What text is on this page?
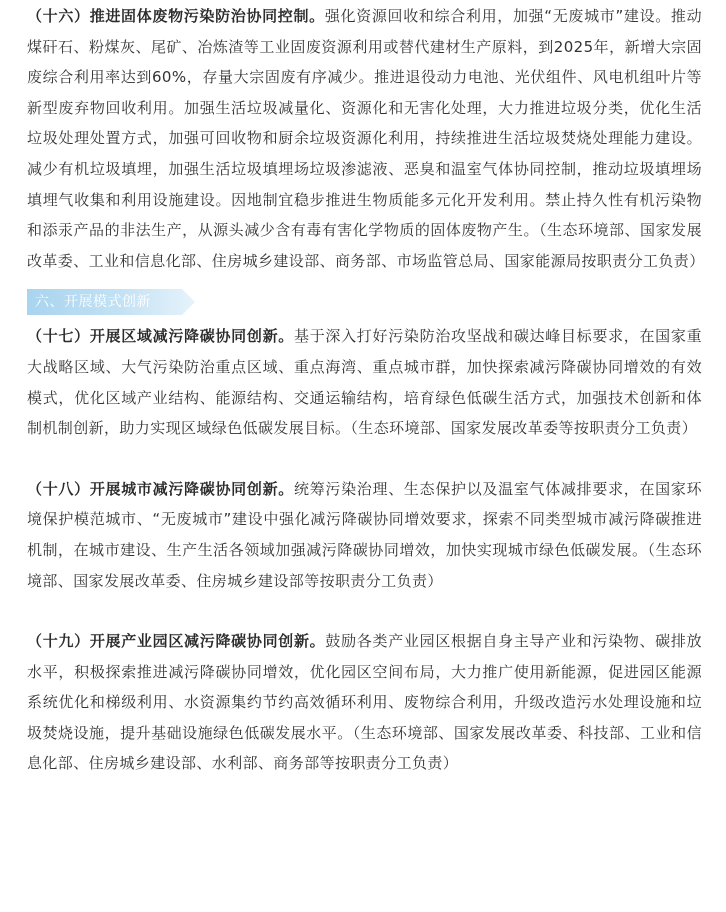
（十六）推进固体废物污染防治协同控制。强化资源回收和综合利用，加强“无废城市”建设。推动煤矸石、粉煤灰、尾矿、冶炼渣等工业固废资源利用或替代建材生产原料，到2025年，新增大宗固废综合利用率达到60%，存量大宗固废有序减少。推进退役动力电池、光伏组件、风电机组叶片等新型废弃物回收利用。加强生活垃圾减量化、资源化和无害化处理，大力推进垃圾分类，优化生活垃圾处理处置方式，加强可回收物和厨余垃圾资源化利用，持续推进生活垃圾焚烧处理能力建设。减少有机垃圾填埋，加强生活垃圾填埋场垃圾渗滤液、恶臭和温室气体协同控制，推动垃圾填埋场填埋气收集和利用设施建设。因地制宜稳步推进生物质能多元化开发利用。禁止持久性有机污染物和添汞产品的非法生产，从源头减少含有毒有害化学物质的固体废物产生。（生态环境部、国家发展改革委、工业和信息化部、住房城乡建设部、商务部、市场监管总局、国家能源局按职责分工负责）

六、开展模式创新

（十七）开展区域减污降碳协同创新。基于深入打好污染防治攻坚战和碳达峰目标要求，在国家重大战略区域、大气污染防治重点区域、重点海湾、重点城市群，加快探索减污降碳协同增效的有效模式，优化区域产业结构、能源结构、交通运输结构，培育绿色低碳生活方式，加强技术创新和体制机制创新，助力实现区域绿色低碳发展目标。（生态环境部、国家发展改革委等按职责分工负责）

（十八）开展城市减污降碳协同创新。统筹污染治理、生态保护以及温室气体减排要求，在国家环境保护模范城市、“无废城市”建设中强化减污降碳协同增效要求，探索不同类型城市减污降碳推进机制，在城市建设、生产生活各领域加强减污降碳协同增效，加快实现城市绿色低碳发展。（生态环境部、国家发展改革委、住房城乡建设部等按职责分工负责）

（十九）开展产业园区减污降碳协同创新。鼓励各类产业园区根据自身主导产业和污染物、碳排放水平，积极探索推进减污降碳协同增效，优化园区空间布局，大力推广使用新能源，促进园区能源系统优化和梯级利用、水资源集约节约高效循环利用、废物综合利用，升级改造污水处理设施和垃圾焚烧设施，提升基础设施绿色低碳发展水平。（生态环境部、国家发展改革委、科技部、工业和信息化部、住房城乡建设部、水利部、商务部等按职责分工负责）
